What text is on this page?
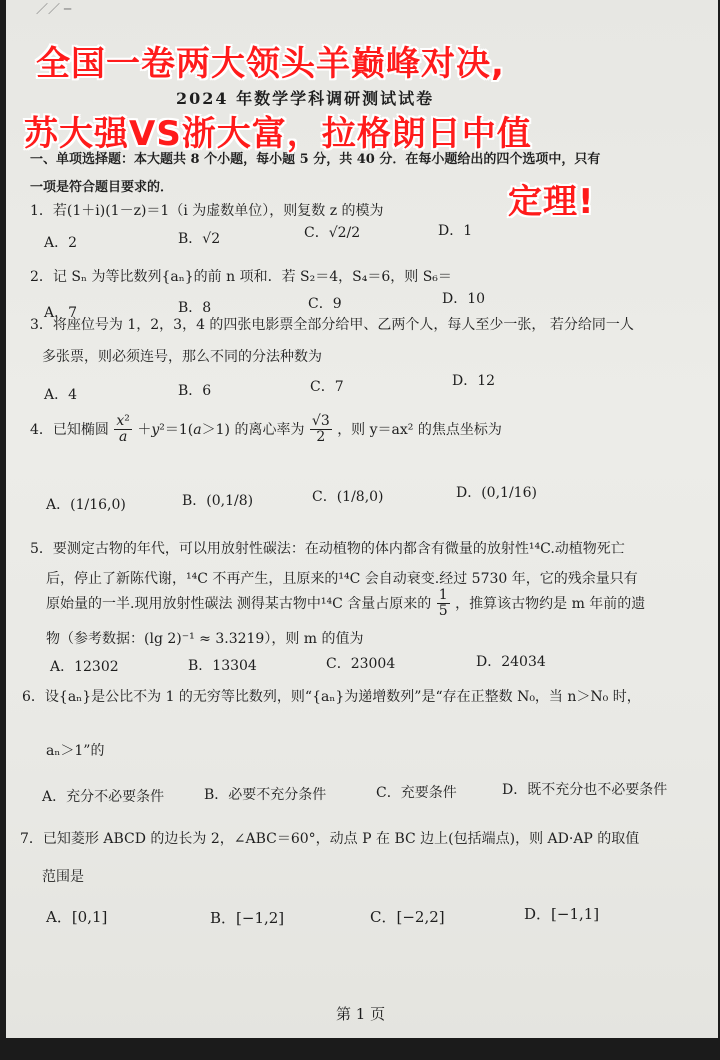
／／ ─
2024 年数学学科调研测试试卷
一、单项选择题：本大题共 8 个小题，每小题 5 分，共 40 分．在每小题给出的四个选项中，只有
一项是符合题目要求的．
1．若(1＋i)(1－z)＝1（i 为虚数单位），则复数 z 的模为
A．2	B．√2	C．√2/2	D．1
2．记 Sₙ 为等比数列{aₙ}的前 n 项和．若 S₂＝4，S₄＝6，则 S₆＝
A．7	B．8	C．9	D．10
3．将座位号为 1，2，3，4 的四张电影票全部分给甲、乙两个人，每人至少一张， 若分给同一人
多张票，则必须连号，那么不同的分法种数为
A．4	B．6	C．7	D．12
4．已知椭圆 $\frac{\text{x²}}{a} +y^2=1(a>1)$ 的离心率为 $\frac{√3}{2}$ ，则 y＝ax² 的焦点坐标为
A．(1/16,0)	B．(0,1/8)	C．(1/8,0)	D．(0,1/16)
5．要测定古物的年代，可以用放射性碳法：在动植物的体内都含有微量的放射性¹⁴C.动植物死亡
后，停止了新陈代谢，¹⁴C 不再产生，且原来的¹⁴C 会自动衰变.经过 5730 年，它的残余量只有
原始量的一半.现用放射性碳法 测得某古物中¹⁴C 含量占原来的 $\frac{1}{5}$ ，推算该古物约是 m 年前的遗
物（参考数据：(lg 2)⁻¹ ≈ 3.3219），则 m 的值为
A．12302	B．13304	C．23004	D．24034
6．设{aₙ}是公比不为 1 的无穷等比数列，则“{aₙ}为递增数列”是“存在正整数 N₀，当 n＞N₀ 时，
aₙ＞1”的
A．充分不必要条件	B．必要不充分条件	C．充要条件	D．既不充分也不必要条件
7．已知菱形 ABCD 的边长为 2，∠ABC＝60°，动点 P 在 BC 边上(包括端点)，则 AD·AP 的取值
范围是
A．[0,1]	B．[−1,2]	C．[−2,2]	D．[−1,1]
第 1 页
全国一卷两大领头羊巅峰对决,
苏大强VS浙大富，拉格朗日中值
定理!
